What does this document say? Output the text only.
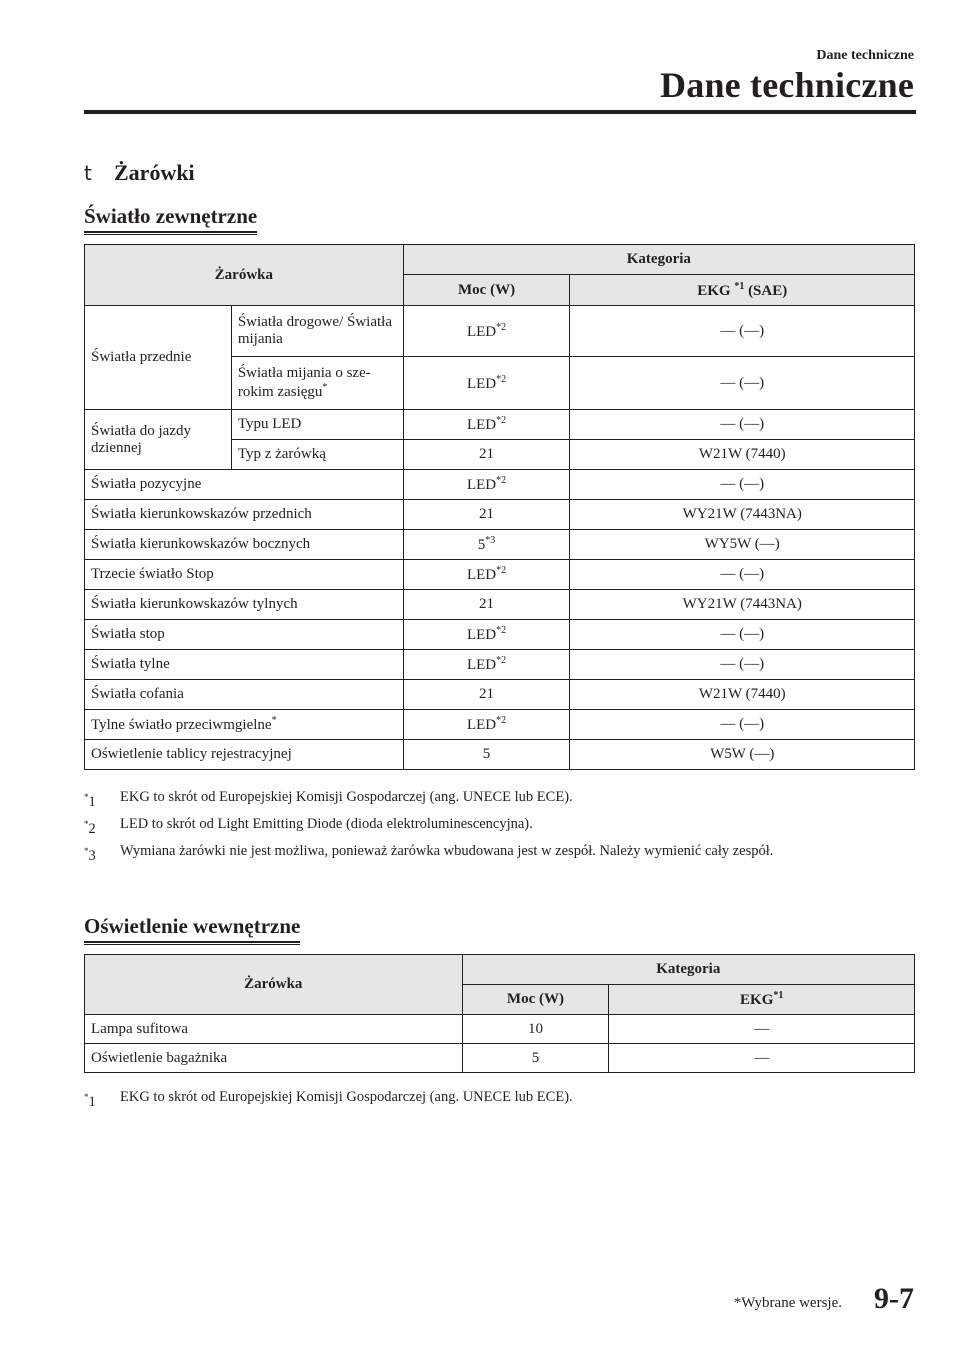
Dane techniczne
Dane techniczne
t Żarówki
Światło zewnętrzne
Żarówka		Kategoria	
		Moc (W)	EKG $^{*1}$ (SAE)
Światła przednie	Światła drogowe/ Światła mijania	LED$^{*2}$	— (—)
	Światła mijania o sze-rokim zasięgu*	LED$^{*2}$	— (—)
Światła do jazdy dziennej	Typu LED	LED$^{*2}$	— (—)
	Typ z żarówką	21	W21W (7440)
Światła pozycyjne		LED$^{*2}$	— (—)
Światła kierunkowskazów przednich		21	WY21W (7443NA)
Światła kierunkowskazów bocznych		5$^{*3}$	WY5W (—)
Trzecie światło Stop		LED$^{*2}$	— (—)
Światła kierunkowskazów tylnych		21	WY21W (7443NA)
Światła stop		LED$^{*2}$	— (—)
Światła tylne		LED$^{*2}$	— (—)
Światła cofania		21	W21W (7440)
Tylne światło przeciwmgielne*		LED$^{*2}$	— (—)
Oświetlenie tablicy rejestracyjnej		5	W5W (—)
*1	EKG to skrót od Europejskiej Komisji Gospodarczej (ang. UNECE lub ECE).
*2	LED to skrót od Light Emitting Diode (dioda elektroluminescencyjna).
*3	Wymiana żarówki nie jest możliwa, ponieważ żarówka wbudowana jest w zespół. Należy wymienić cały zespół.
Oświetlenie wewnętrzne
Żarówka	Kategoria	
	Moc (W)	EKG$^{*1}$
Lampa sufitowa	10	—
Oświetlenie bagażnika	5	—
*1	EKG to skrót od Europejskiej Komisji Gospodarczej (ang. UNECE lub ECE).
*Wybrane wersje. 9-7
